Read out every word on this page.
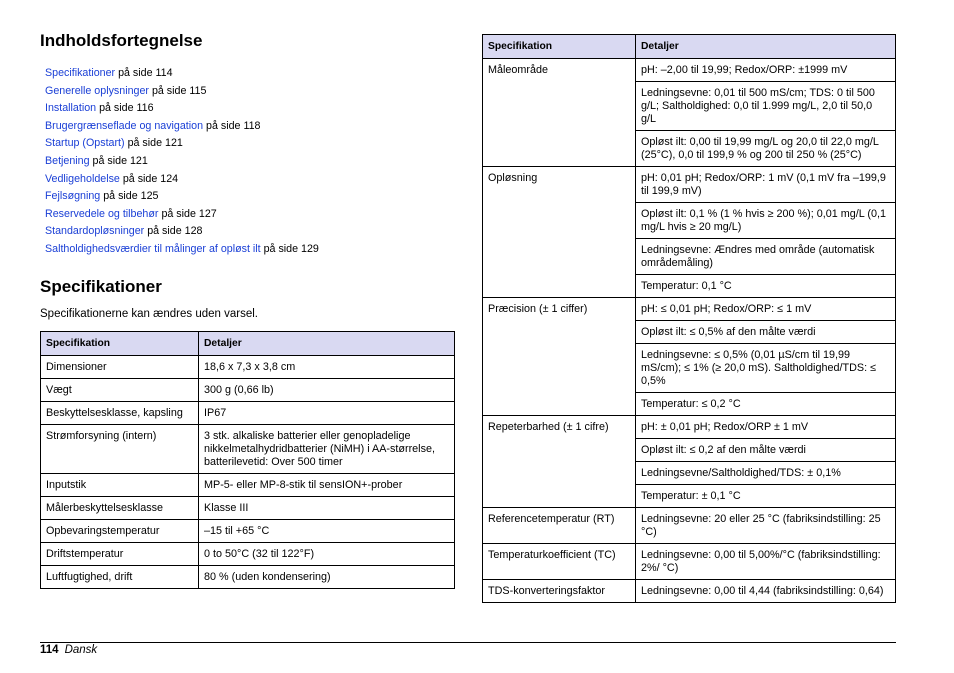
Indholdsfortegnelse
Specifikationer på side 114
Generelle oplysninger på side 115
Installation på side 116
Brugergrænseflade og navigation på side 118
Startup (Opstart) på side 121
Betjening på side 121
Vedligeholdelse på side 124
Fejlsøgning på side 125
Reservedele og tilbehør på side 127
Standardopløsninger på side 128
Saltholdighedsværdier til målinger af opløst ilt på side 129
Specifikationer

Specifikationerne kan ændres uden varsel.

Specifikation	Detaljer
Dimensioner	18,6 x 7,3 x 3,8 cm
Vægt	300 g (0,66 lb)
Beskyttelsesklasse, kapsling	IP67
Strømforsyning (intern)	3 stk. alkaliske batterier eller genopladelige nikkelmetalhydridbatterier (NiMH) i AA-størrelse, batterilevetid: Over 500 timer
Inputstik	MP-5- eller MP-8-stik til sensION+-prober
Målerbeskyttelsesklasse	Klasse III
Opbevaringstemperatur	–15 til +65 °C
Driftstemperatur	0 to 50°C (32 til 122°F)
Luftfugtighed, drift	80 % (uden kondensering)
Specifikation	Detaljer
Måleområde	pH: –2,00 til 19,99; Redox/ORP: ±1999 mV
	Ledningsevne: 0,01 til 500 mS/cm; TDS: 0 til 500 g/L; Saltholdighed: 0,0 til 1.999 mg/L, 2,0 til 50,0 g/L
	Opløst ilt: 0,00 til 19,99 mg/L og 20,0 til 22,0 mg/L (25°C), 0,0 til 199,9 % og 200 til 250 % (25°C)
Opløsning	pH: 0,01 pH; Redox/ORP: 1 mV (0,1 mV fra –199,9 til 199,9 mV)
	Opløst ilt: 0,1 % (1 % hvis ≥ 200 %); 0,01 mg/L (0,1 mg/L hvis ≥ 20 mg/L)
	Ledningsevne: Ændres med område (automatisk områdemåling)
	Temperatur: 0,1 °C
Præcision (± 1 ciffer)	pH: ≤ 0,01 pH; Redox/ORP: ≤ 1 mV
	Opløst ilt: ≤ 0,5% af den målte værdi
	Ledningsevne: ≤ 0,5% (0,01 µS/cm til 19,99 mS/cm); ≤ 1% (≥ 20,0 mS). Saltholdighed/TDS: ≤ 0,5%
	Temperatur: ≤ 0,2 °C
Repeterbarhed (± 1 cifre)	pH: ± 0,01 pH; Redox/ORP ± 1 mV
	Opløst ilt: ≤ 0,2 af den målte værdi
	Ledningsevne/Saltholdighed/TDS: ± 0,1%
	Temperatur: ± 0,1 °C
Referencetemperatur (RT)	Ledningsevne: 20 eller 25 °C (fabriksindstilling: 25 °C)
Temperaturkoefficient (TC)	Ledningsevne: 0,00 til 5,00%/°C (fabriksindstilling: 2%/ °C)
TDS-konverteringsfaktor	Ledningsevne: 0,00 til 4,44 (fabriksindstilling: 0,64)
114 Dansk
